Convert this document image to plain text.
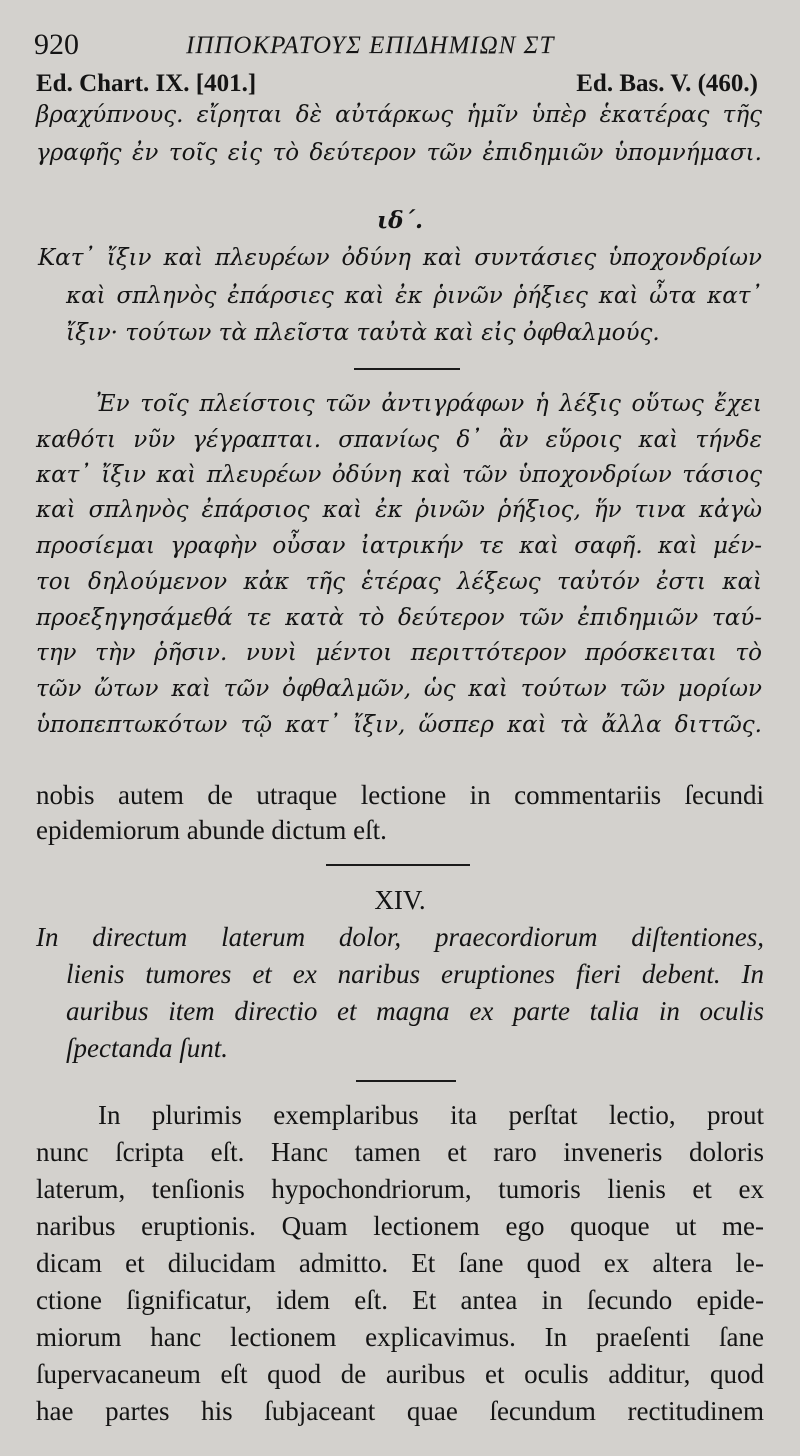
920	ΙΠΠΟΚΡΑΤΟΥΣ ΕΠΙΔΗΜΙΩΝ ΣΤ
Ed. Chart. IX. [401.]	Ed. Bas. V. (460.)
βραχύπνους. εἴρηται δὲ αὐτάρκως ἡμῖν ὑπὲρ ἑκατέρας τῆς
γραφῆς ἐν τοῖς εἰς τὸ δεύτερον τῶν ἐπιδημιῶν ὑπομνήμασι.
ιδ΄.
Κατ᾽ ἴξιν καὶ πλευρέων ὀδύνη καὶ συντάσιες ὑποχονδρίων
καὶ σπληνὸς ἐπάρσιες καὶ ἐκ ῥινῶν ῥήξιες καὶ ὦτα κατ᾽
ἴξιν· τούτων τὰ πλεῖστα ταὐτὰ καὶ εἰς ὀφθαλμούς.
Ἐν τοῖς πλείστοις τῶν ἀντιγράφων ἡ λέξις οὕτως ἔχει
καθότι νῦν γέγραπται. σπανίως δ᾽ ἂν εὕροις καὶ τήνδε
κατ᾽ ἴξιν καὶ πλευρέων ὀδύνη καὶ τῶν ὑποχονδρίων τάσιος
καὶ σπληνὸς ἐπάρσιος καὶ ἐκ ῥινῶν ῥήξιος, ἥν τινα κἀγὼ
προσίεμαι γραφὴν οὖσαν ἰατρικήν τε καὶ σαφῆ. καὶ μέν-
τοι δηλούμενον κἀκ τῆς ἑτέρας λέξεως ταὐτόν ἐστι καὶ
προεξηγησάμεθά τε κατὰ τὸ δεύτερον τῶν ἐπιδημιῶν ταύ-
την τὴν ῥῆσιν. νυνὶ μέντοι περιττότερον πρόσκειται τὸ
τῶν ὤτων καὶ τῶν ὀφθαλμῶν, ὡς καὶ τούτων τῶν μορίων
ὑποπεπτωκότων τῷ κατ᾽ ἴξιν, ὥσπερ καὶ τὰ ἄλλα διττῶς.
nobis autem de utraque lectione in commentariis ſecundi
epidemiorum abunde dictum eſt.
XIV.
In directum laterum dolor, praecordiorum diſtentiones,
lienis tumores et ex naribus eruptiones fieri debent. In
auribus item directio et magna ex parte talia in oculis
ſpectanda ſunt.
In plurimis exemplaribus ita perſtat lectio, prout
nunc ſcripta eſt. Hanc tamen et raro inveneris doloris
laterum, tenſionis hypochondriorum, tumoris lienis et ex
naribus eruptionis. Quam lectionem ego quoque ut me-
dicam et dilucidam admitto. Et ſane quod ex altera le-
ctione ſignificatur, idem eſt. Et antea in ſecundo epide-
miorum hanc lectionem explicavimus. In praeſenti ſane
ſupervacaneum eſt quod de auribus et oculis additur, quod
hae partes his ſubjaceant quae ſecundum rectitudinem
